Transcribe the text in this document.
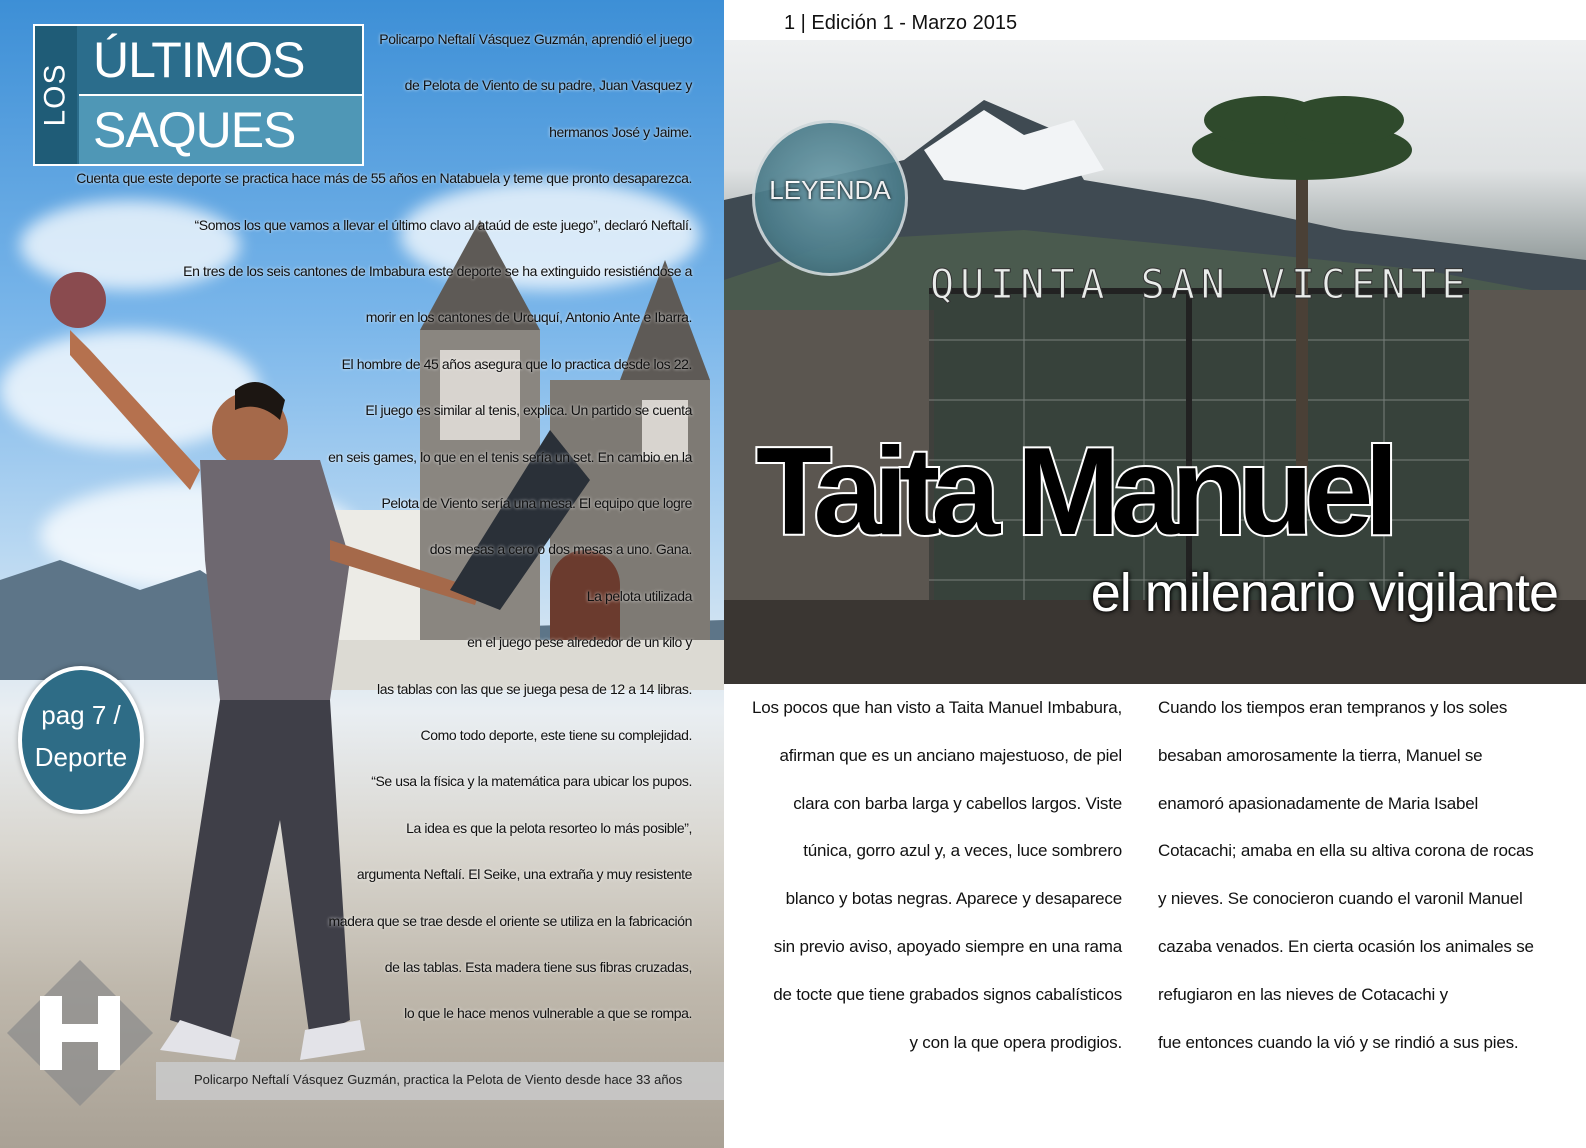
LOS
ÚLTIMOS
SAQUES
Policarpo Neftalí Vásquez Guzmán, aprendió el juego
de Pelota de Viento de su padre, Juan Vasquez y
hermanos José y Jaime.
Cuenta que este deporte se practica hace más de 55 años en Natabuela y teme que pronto desaparezca.
“Somos los que vamos a llevar el último clavo al ataúd de este juego”, declaró Neftalí.
En tres de los seis cantones de Imbabura este deporte se ha extinguido resistiéndose a
morir en los cantones de Urcuquí, Antonio Ante e Ibarra.
El hombre de 45 años asegura que lo practica desde los 22.
El juego es similar al tenis, explica. Un partido se cuenta
en seis games, lo que en el tenis sería un set. En cambio en la
Pelota de Viento sería una mesa. El equipo que logre
dos mesas a cero o dos mesas a uno. Gana.
La pelota utilizada
en el juego pese alrededor de un kilo y
las tablas con las que se juega pesa de 12 a 14 libras.
Como todo deporte, este tiene su complejidad.
“Se usa la física y la matemática para ubicar los pupos.
La idea es que la pelota resorteo lo más posible”,
argumenta Neftalí. El Seike, una extraña y muy resistente
madera que se trae desde el oriente se utiliza en la fabricación
de las tablas. Esta madera tiene sus fibras cruzadas,
lo que le hace menos vulnerable a que se rompa.
pag 7 /
Deporte
Policarpo Neftalí Vásquez Guzmán, practica la Pelota de Viento desde hace 33 años
H
1 | Edición 1 - Marzo 2015
QUINTA SAN VICENTE
LEYENDA
Taita Manuel
el milenario vigilante
Los pocos que han visto a Taita Manuel Imbabura,
afirman que es un anciano majestuoso, de piel
clara con barba larga y cabellos largos. Viste
túnica, gorro azul y, a veces, luce sombrero
blanco y botas negras. Aparece y desaparece
sin previo aviso, apoyado siempre en una rama
de tocte que tiene grabados signos cabalísticos
y con la que opera prodigios.
Cuando los tiempos eran tempranos y los soles
besaban amorosamente la tierra, Manuel se
enamoró apasionadamente de Maria Isabel
Cotacachi; amaba en ella su altiva corona de rocas
y nieves. Se conocieron cuando el varonil Manuel
cazaba venados. En cierta ocasión los animales se
refugiaron en las nieves de Cotacachi y
fue entonces cuando la vió y se rindió a sus pies.
